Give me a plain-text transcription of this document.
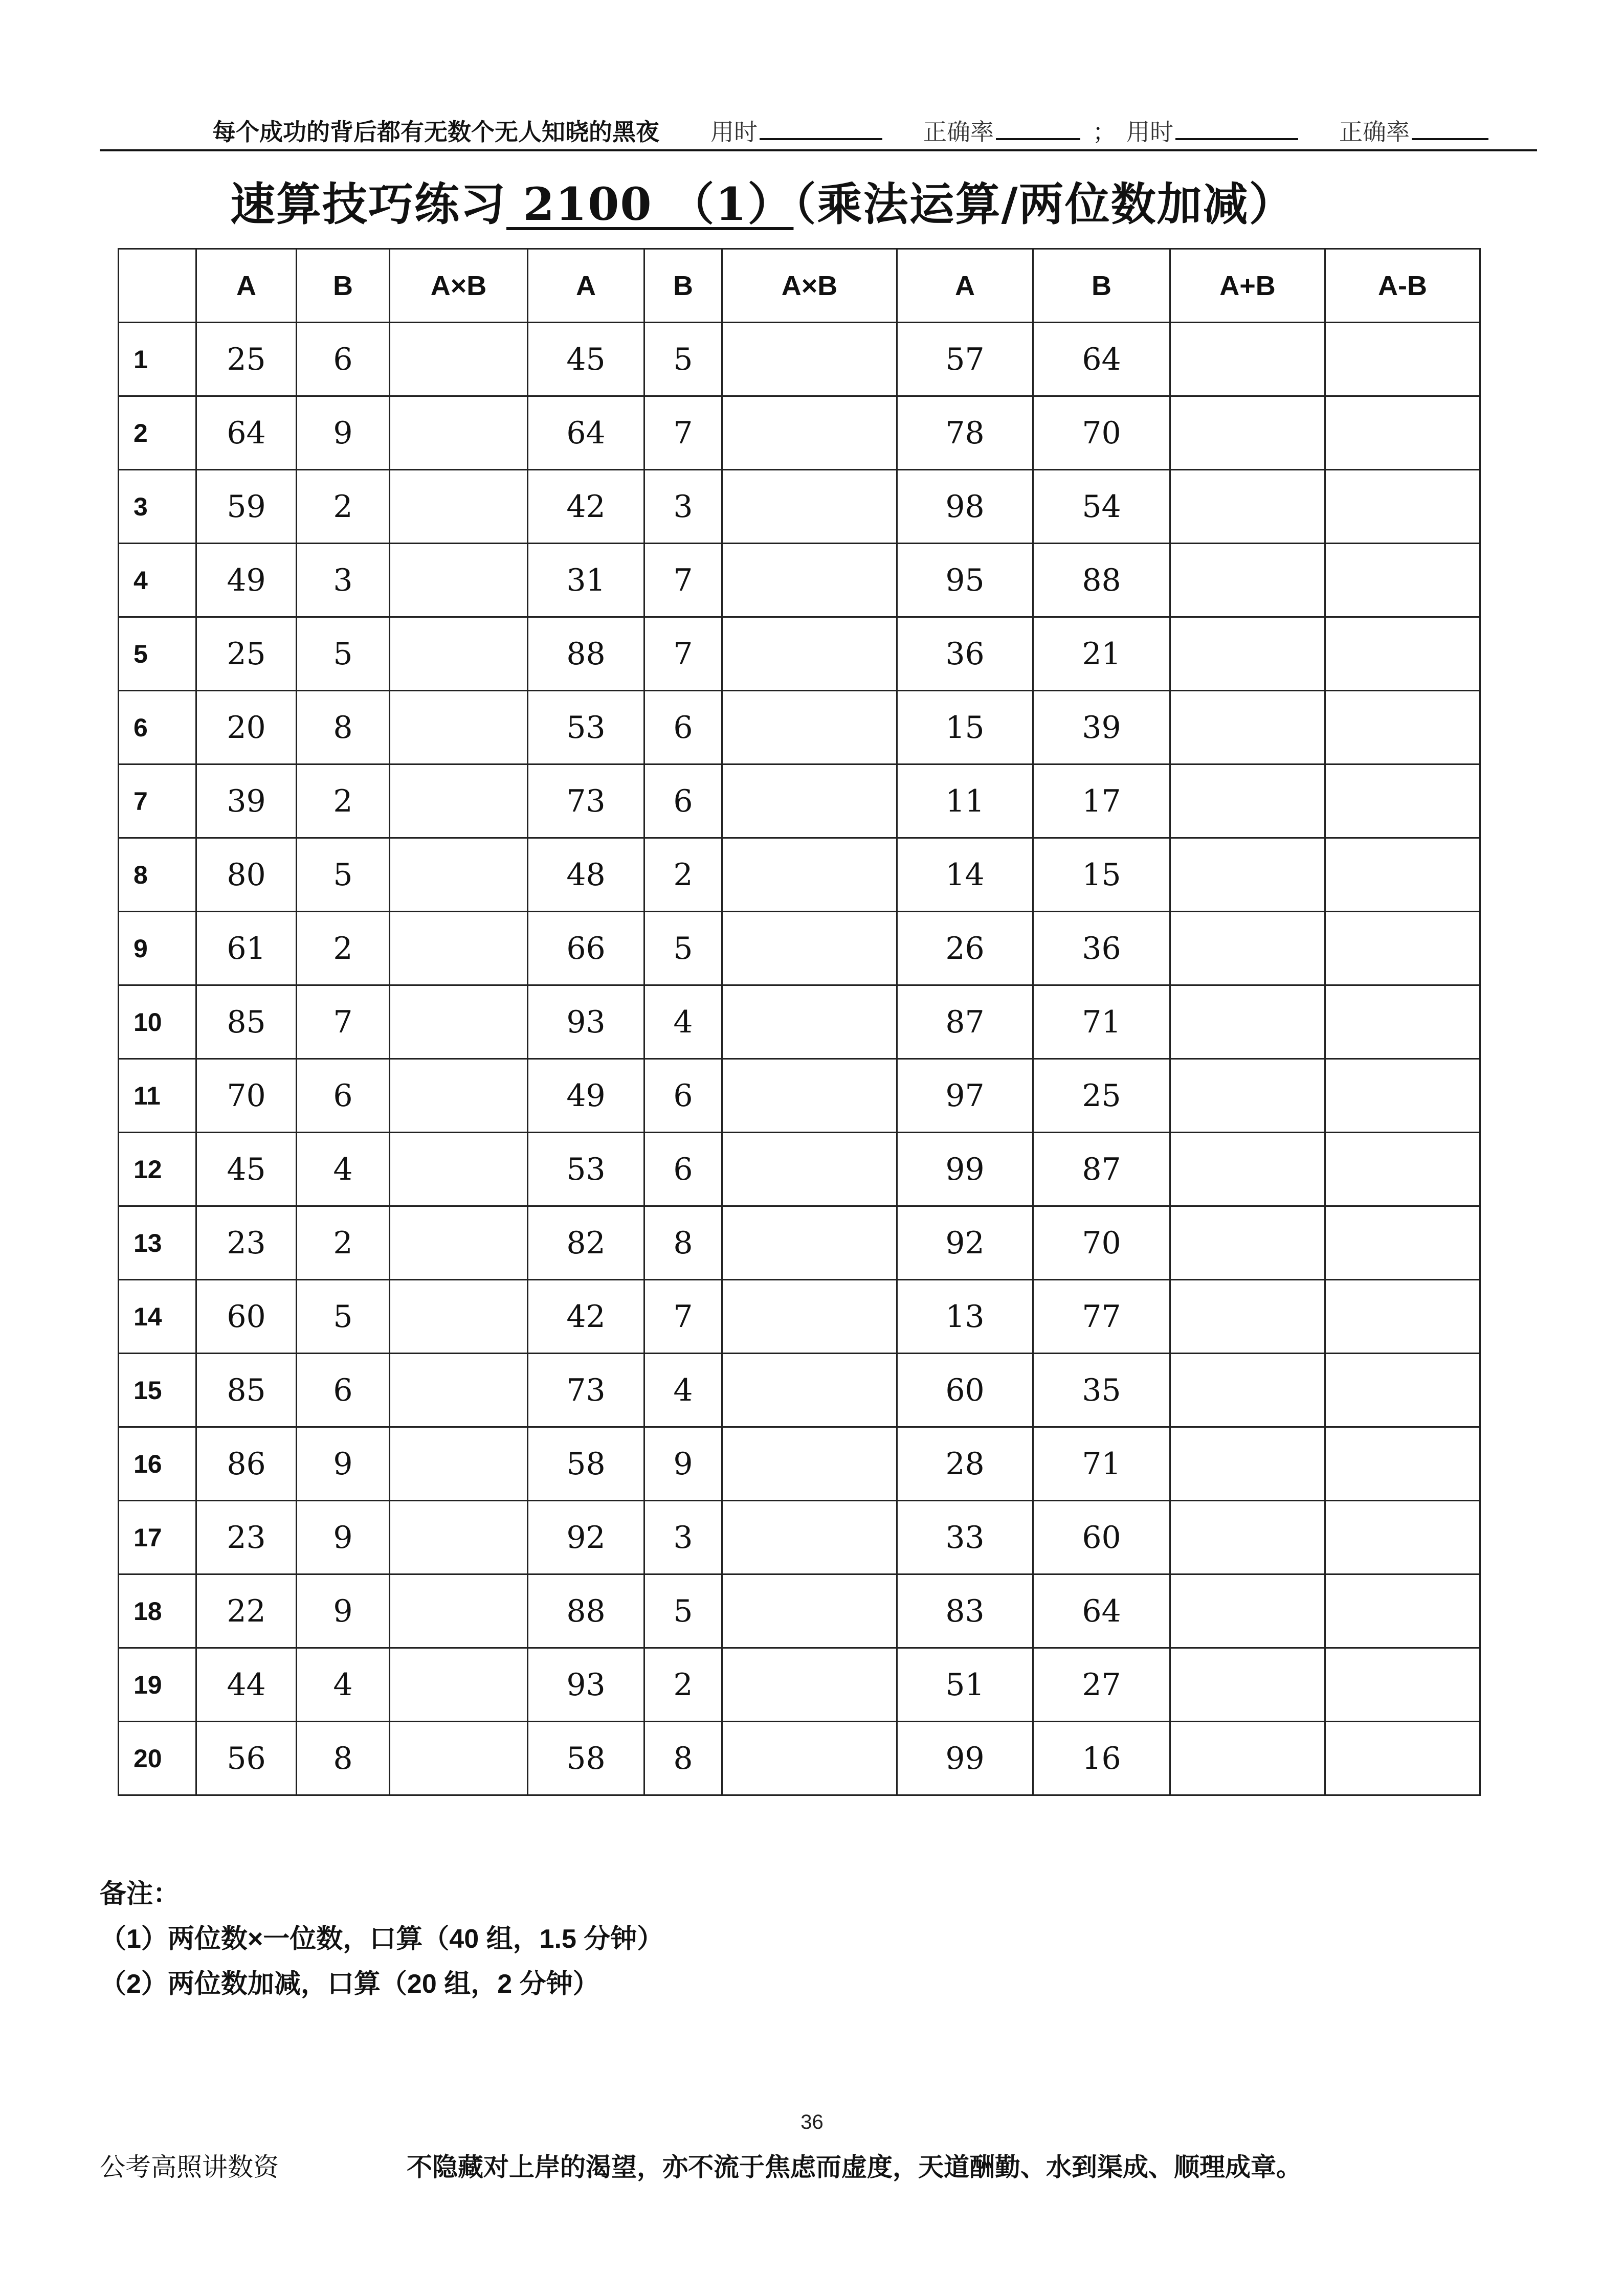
每个成功的背后都有无数个无人知晓的黑夜 用时	正确率	； 用时	正确率
速算技巧练习 2100 （1）（乘法运算/两位数加减）
	A	B	A×B	A	B	A×B	A	B	A+B	A-B
1	25	6		45	5		57	64		
2	64	9		64	7		78	70		
3	59	2		42	3		98	54		
4	49	3		31	7		95	88		
5	25	5		88	7		36	21		
6	20	8		53	6		15	39		
7	39	2		73	6		11	17		
8	80	5		48	2		14	15		
9	61	2		66	5		26	36		
10	85	7		93	4		87	71		
11	70	6		49	6		97	25		
12	45	4		53	6		99	87		
13	23	2		82	8		92	70		
14	60	5		42	7		13	77		
15	85	6		73	4		60	35		
16	86	9		58	9		28	71		
17	23	9		92	3		33	60		
18	22	9		88	5		83	64		
19	44	4		93	2		51	27		
20	56	8		58	8		99	16		
备注：
（1）两位数×一位数，口算（40 组，1.5 分钟）
（2）两位数加减，口算（20 组，2 分钟）
36
公考高照讲数资	不隐藏对上岸的渴望，亦不流于焦虑而虚度，天道酬勤、水到渠成、顺理成章。
